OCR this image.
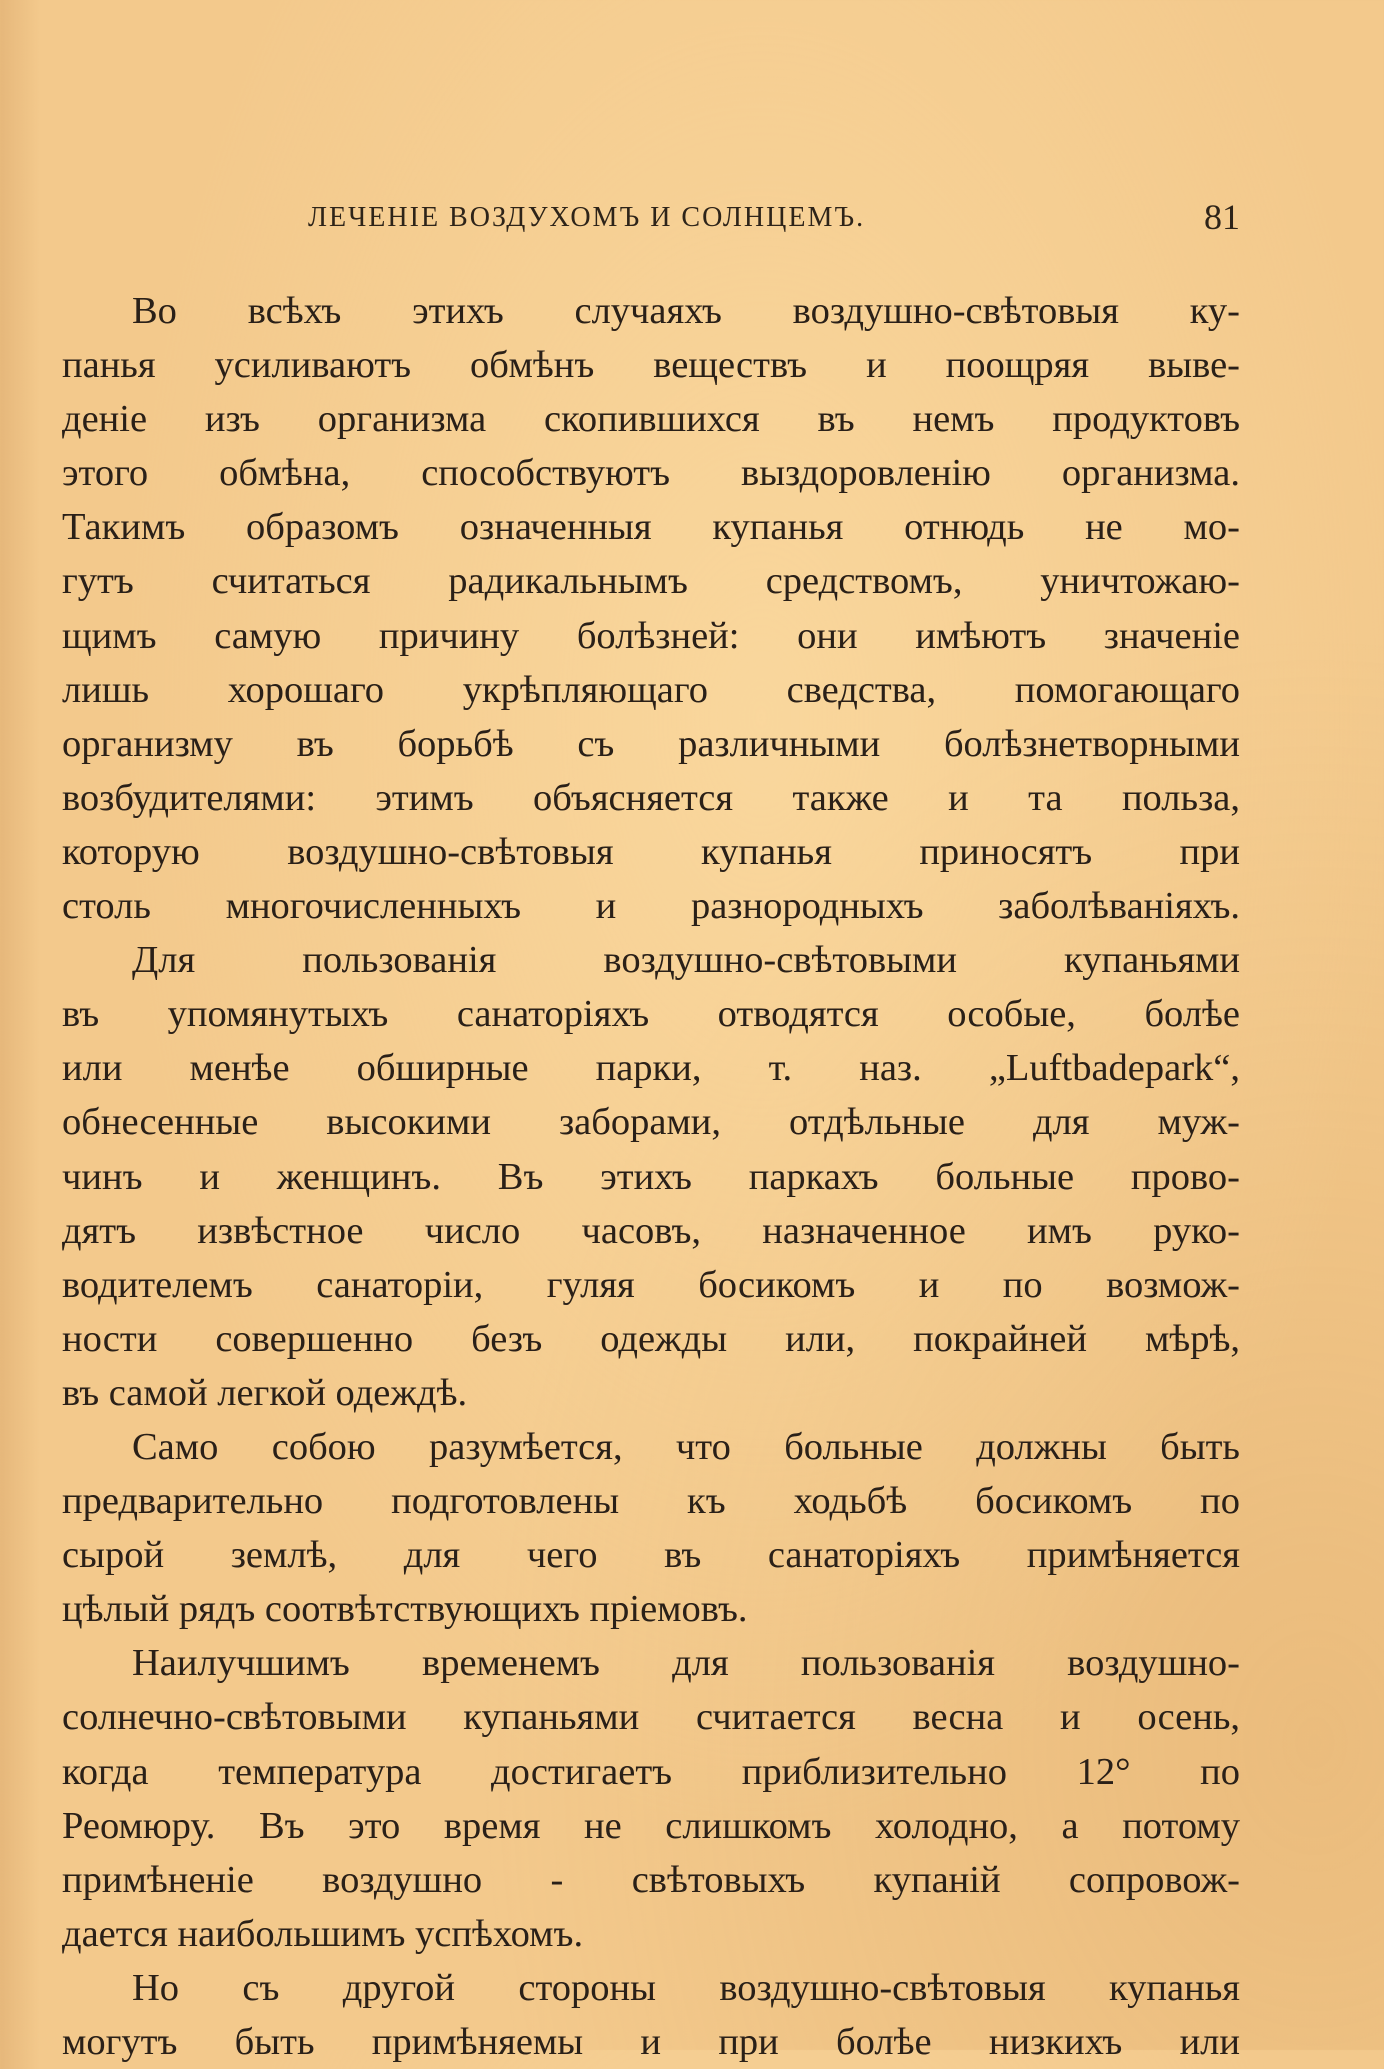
ЛЕЧЕНІЕ ВОЗДУХОМЪ И СОЛНЦЕМЪ.	81

Во всѣхъ этихъ случаяхъ воздушно-свѣтовыя ку-
панья усиливаютъ обмѣнъ веществъ и поощряя выве-
деніе изъ организма скопившихся въ немъ продуктовъ
этого обмѣна, способствуютъ выздоровленію организма.
Такимъ образомъ означенныя купанья отнюдь не мо-
гутъ считаться радикальнымъ средствомъ, уничтожаю-
щимъ самую причину болѣзней: они имѣютъ значеніе
лишь хорошаго укрѣпляющаго сведства, помогающаго
организму въ борьбѣ съ различными болѣзнетворными
возбудителями: этимъ объясняется также и та польза,
которую воздушно-свѣтовыя купанья приносятъ при
столь многочисленныхъ и разнородныхъ заболѣваніяхъ.

Для пользованія воздушно-свѣтовыми купаньями
въ упомянутыхъ санаторіяхъ отводятся особые, болѣе
или менѣе обширные парки, т. наз. „Luftbadepark“,
обнесенные высокими заборами, отдѣльные для муж-
чинъ и женщинъ. Въ этихъ паркахъ больные прово-
дятъ извѣстное число часовъ, назначенное имъ руко-
водителемъ санаторіи, гуляя босикомъ и по возмож-
ности совершенно безъ одежды или, покрайней мѣрѣ,
въ самой легкой одеждѣ.

Само собою разумѣется, что больные должны быть
предварительно подготовлены къ ходьбѣ босикомъ по
сырой землѣ, для чего въ санаторіяхъ примѣняется
цѣлый рядъ соотвѣтствующихъ пріемовъ.

Наилучшимъ временемъ для пользованія воздушно-
солнечно-свѣтовыми купаньями считается весна и осень,
когда температура достигаетъ приблизительно 12° по
Реомюру. Въ это время не слишкомъ холодно, а потому
примѣненіе воздушно - свѣтовыхъ купаній сопровож-
дается наибольшимъ успѣхомъ.

Но съ другой стороны воздушно-свѣтовыя купанья
могутъ быть примѣняемы и при болѣе низкихъ или
